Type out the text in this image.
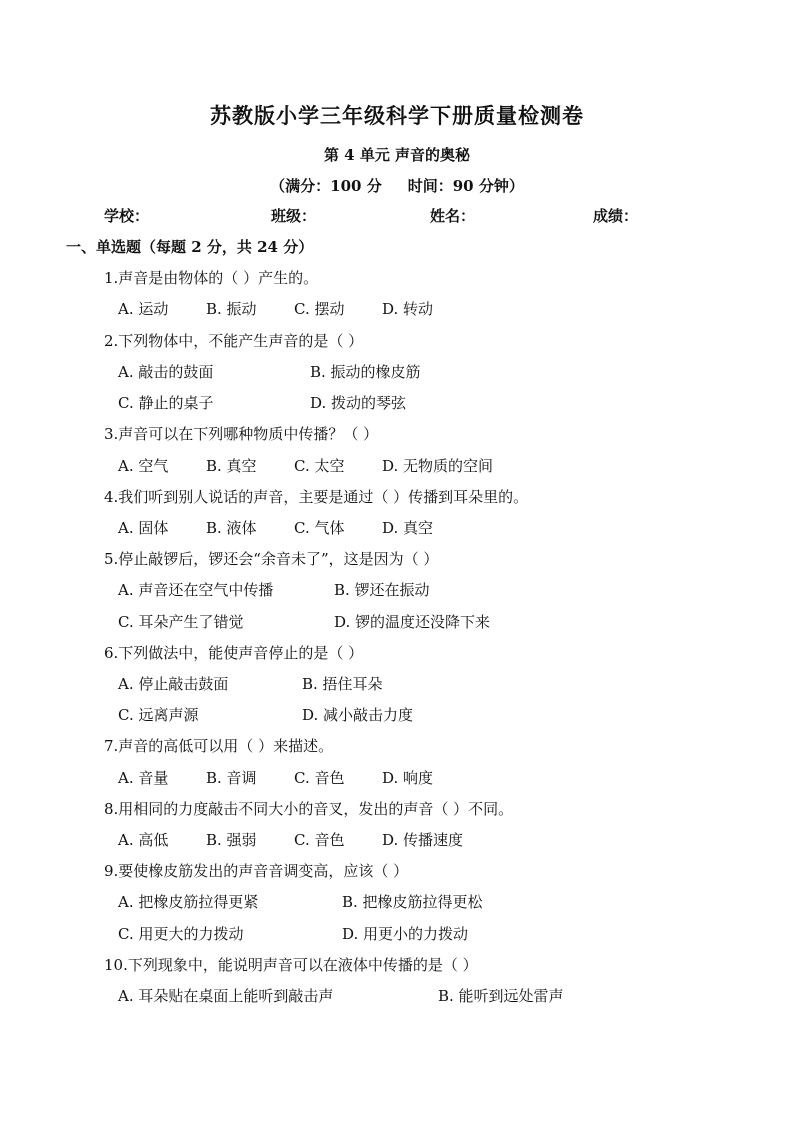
苏教版小学三年级科学下册质量检测卷
第 4 单元 声音的奥秘
（满分：100 分 时间：90 分钟）
学校：	班级：	姓名：	成绩：
一、单选题（每题 2 分，共 24 分）
1.声音是由物体的（ ）产生的。
A. 运动	B. 振动 C. 摆动	D. 转动
2.下列物体中，不能产生声音的是（ ）
A. 敲击的鼓面	B. 振动的橡皮筋
C. 静止的桌子	D. 拨动的琴弦
3.声音可以在下列哪种物质中传播？（ ）
A. 空气	B. 真空 C. 太空	D. 无物质的空间
4.我们听到别人说话的声音，主要是通过（ ）传播到耳朵里的。
A. 固体	B. 液体 C. 气体	D. 真空
5.停止敲锣后，锣还会“余音未了”，这是因为（ ）
A. 声音还在空气中传播	B. 锣还在振动
C. 耳朵产生了错觉	D. 锣的温度还没降下来
6.下列做法中，能使声音停止的是（ ）
A. 停止敲击鼓面	B. 捂住耳朵
C. 远离声源	D. 减小敲击力度
7.声音的高低可以用（ ）来描述。
A. 音量	B. 音调 C. 音色	D. 响度
8.用相同的力度敲击不同大小的音叉，发出的声音（ ）不同。
A. 高低	B. 强弱 C. 音色	D. 传播速度
9.要使橡皮筋发出的声音音调变高，应该（ ）
A. 把橡皮筋拉得更紧	B. 把橡皮筋拉得更松
C. 用更大的力拨动	D. 用更小的力拨动
10.下列现象中，能说明声音可以在液体中传播的是（ ）
A. 耳朵贴在桌面上能听到敲击声	B. 能听到远处雷声
